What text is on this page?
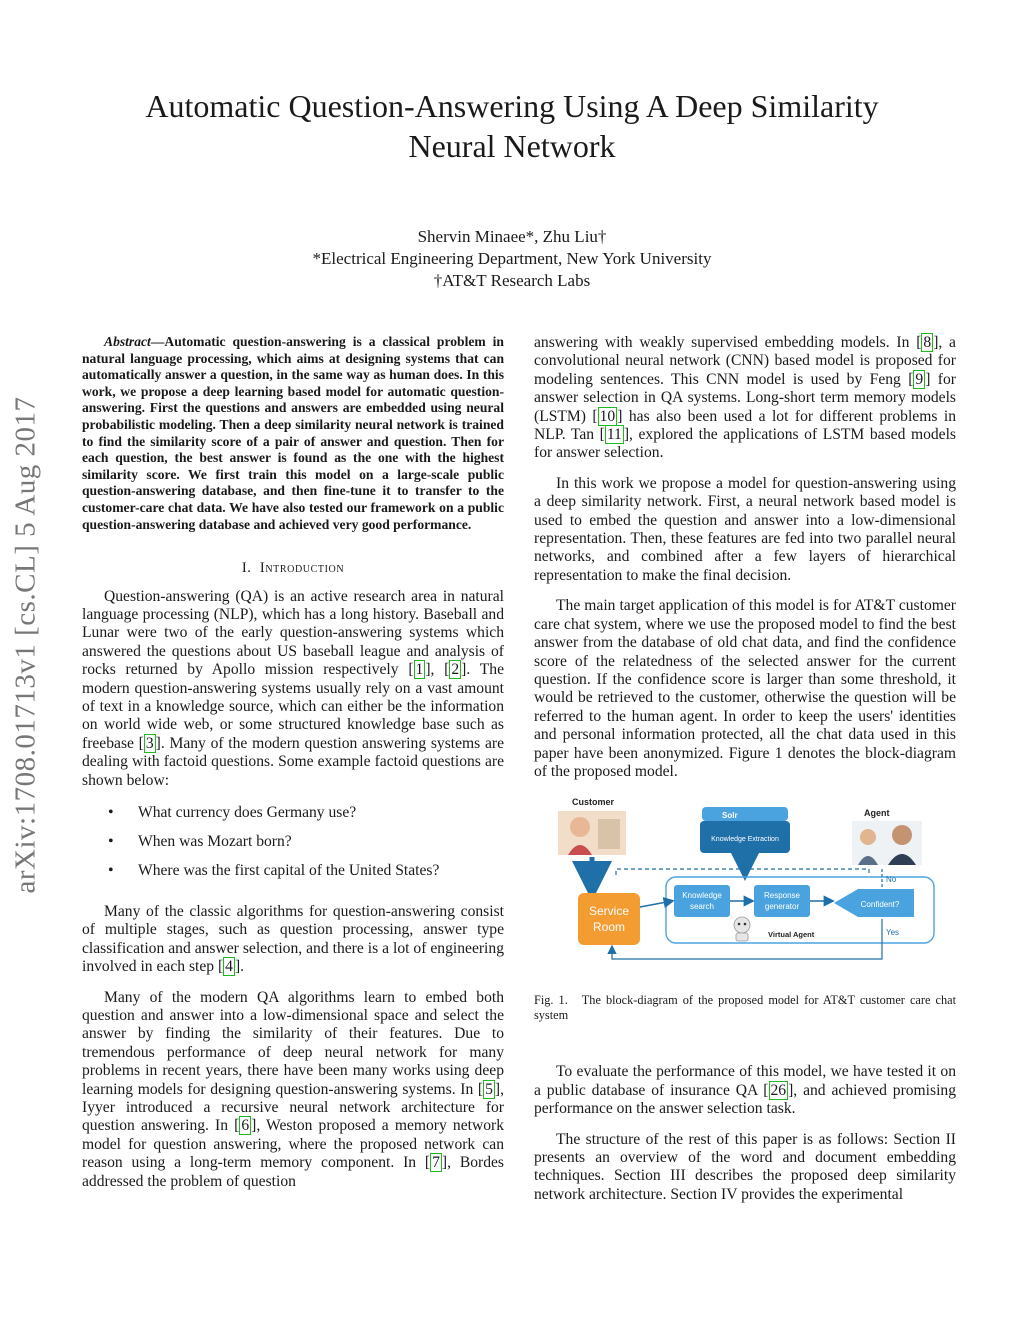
Automatic Question-Answering Using A Deep Similarity Neural Network
Shervin Minaee*, Zhu Liu†
*Electrical Engineering Department, New York University
†AT&T Research Labs
arXiv:1708.01713v1 [cs.CL] 5 Aug 2017

Abstract—Automatic question-answering is a classical problem in natural language processing, which aims at designing systems that can automatically answer a question, in the same way as human does. In this work, we propose a deep learning based model for automatic question-answering. First the questions and answers are embedded using neural probabilistic modeling. Then a deep similarity neural network is trained to find the similarity score of a pair of answer and question. Then for each question, the best answer is found as the one with the highest similarity score. We first train this model on a large-scale public question-answering database, and then fine-tune it to transfer to the customer-care chat data. We have also tested our framework on a public question-answering database and achieved very good performance.

I. Introduction

Question-answering (QA) is an active research area in natural language processing (NLP), which has a long history. Baseball and Lunar were two of the early question-answering systems which answered the questions about US baseball league and analysis of rocks returned by Apollo mission respectively [ 1 ], [ 2 ]. The modern question-answering systems usually rely on a vast amount of text in a knowledge source, which can either be the information on world wide web, or some structured knowledge base such as freebase [ 3 ]. Many of the modern question answering systems are dealing with factoid questions. Some example factoid questions are shown below:

• What currency does Germany use?
• When was Mozart born?
• Where was the first capital of the United States?

Many of the classic algorithms for question-answering consist of multiple stages, such as question processing, answer type classification and answer selection, and there is a lot of engineering involved in each step [ 4 ].

Many of the modern QA algorithms learn to embed both question and answer into a low-dimensional space and select the answer by finding the similarity of their features. Due to tremendous performance of deep neural network for many problems in recent years, there have been many works using deep learning models for designing question-answering systems. In [ 5 ], Iyyer introduced a recursive neural network architecture for question answering. In [ 6 ], Weston proposed a memory network model for question answering, where the proposed network can reason using a long-term memory component. In [ 7 ], Bordes addressed the problem of question

answering with weakly supervised embedding models. In [ 8 ], a convolutional neural network (CNN) based model is proposed for modeling sentences. This CNN model is used by Feng [ 9 ] for answer selection in QA systems. Long-short term memory models (LSTM) [ 10 ] has also been used a lot for different problems in NLP. Tan [ 11 ], explored the applications of LSTM based models for answer selection.

In this work we propose a model for question-answering using a deep similarity network. First, a neural network based model is used to embed the question and answer into a low-dimensional representation. Then, these features are fed into two parallel neural networks, and combined after a few layers of hierarchical representation to make the final decision.

The main target application of this model is for AT&T customer care chat system, where we use the proposed model to find the best answer from the database of old chat data, and find the confidence score of the relatedness of the selected answer for the current question. If the confidence score is larger than some threshold, it would be retrieved to the customer, otherwise the question will be referred to the human agent. In order to keep the users' identities and personal information protected, all the chat data used in this paper have been anonymized. Figure 1 denotes the block-diagram of the proposed model.

Customer
Agent
Solr
Knowledge Extraction
Service
Room
Knowledge
search
Response
generator	Confident?
Virtual Agent
No
Yes

Fig. 1. The block-diagram of the proposed model for AT&T customer care chat system

To evaluate the performance of this model, we have tested it on a public database of insurance QA [ 26 ], and achieved promising performance on the answer selection task.

The structure of the rest of this paper is as follows: Section II presents an overview of the word and document embedding techniques. Section III describes the proposed deep similarity network architecture. Section IV provides the experimental
